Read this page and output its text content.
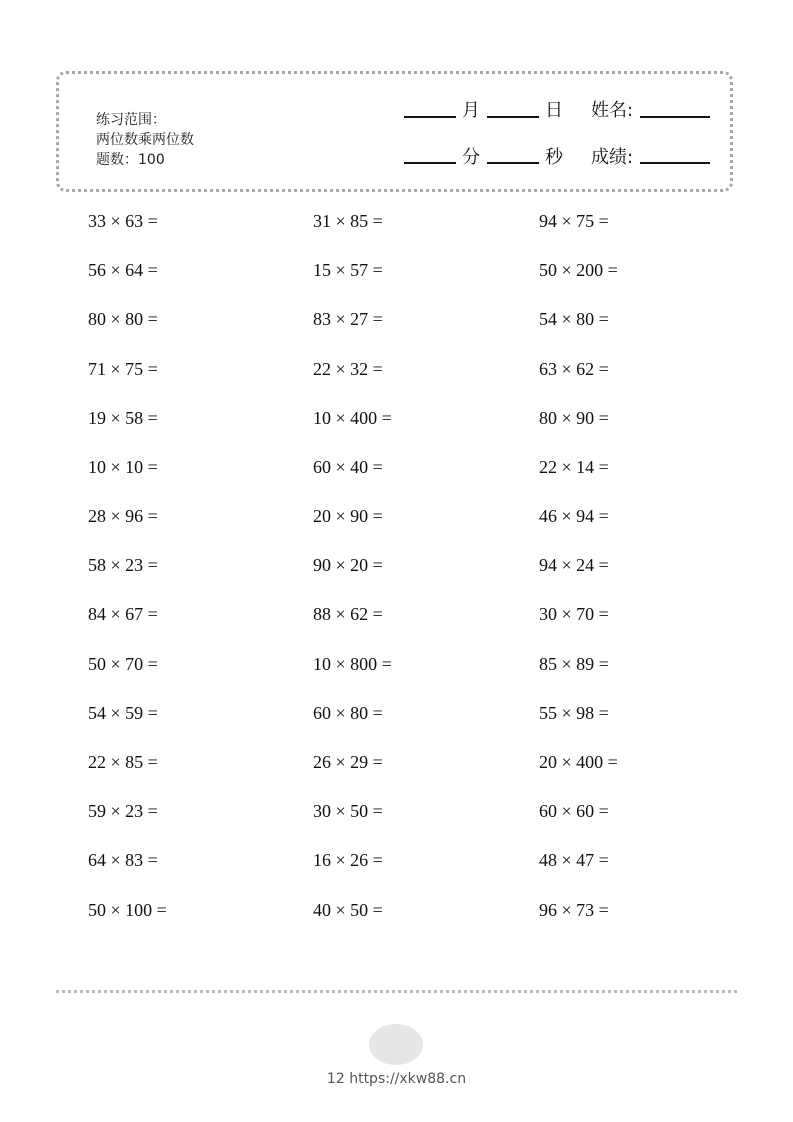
练习范围：
两位数乘两位数
题数：100
月	日 姓名:
分	秒 成绩:
33 × 63 =	31 × 85 =	94 × 75 =
56 × 64 =	15 × 57 =	50 × 200 =
80 × 80 =	83 × 27 =	54 × 80 =
71 × 75 =	22 × 32 =	63 × 62 =
19 × 58 =	10 × 400 =	80 × 90 =
10 × 10 =	60 × 40 =	22 × 14 =
28 × 96 =	20 × 90 =	46 × 94 =
58 × 23 =	90 × 20 =	94 × 24 =
84 × 67 =	88 × 62 =	30 × 70 =
50 × 70 =	10 × 800 =	85 × 89 =
54 × 59 =	60 × 80 =	55 × 98 =
22 × 85 =	26 × 29 =	20 × 400 =
59 × 23 =	30 × 50 =	60 × 60 =
64 × 83 =	16 × 26 =	48 × 47 =
50 × 100 =	40 × 50 =	96 × 73 =
12 https://xkw88.cn
